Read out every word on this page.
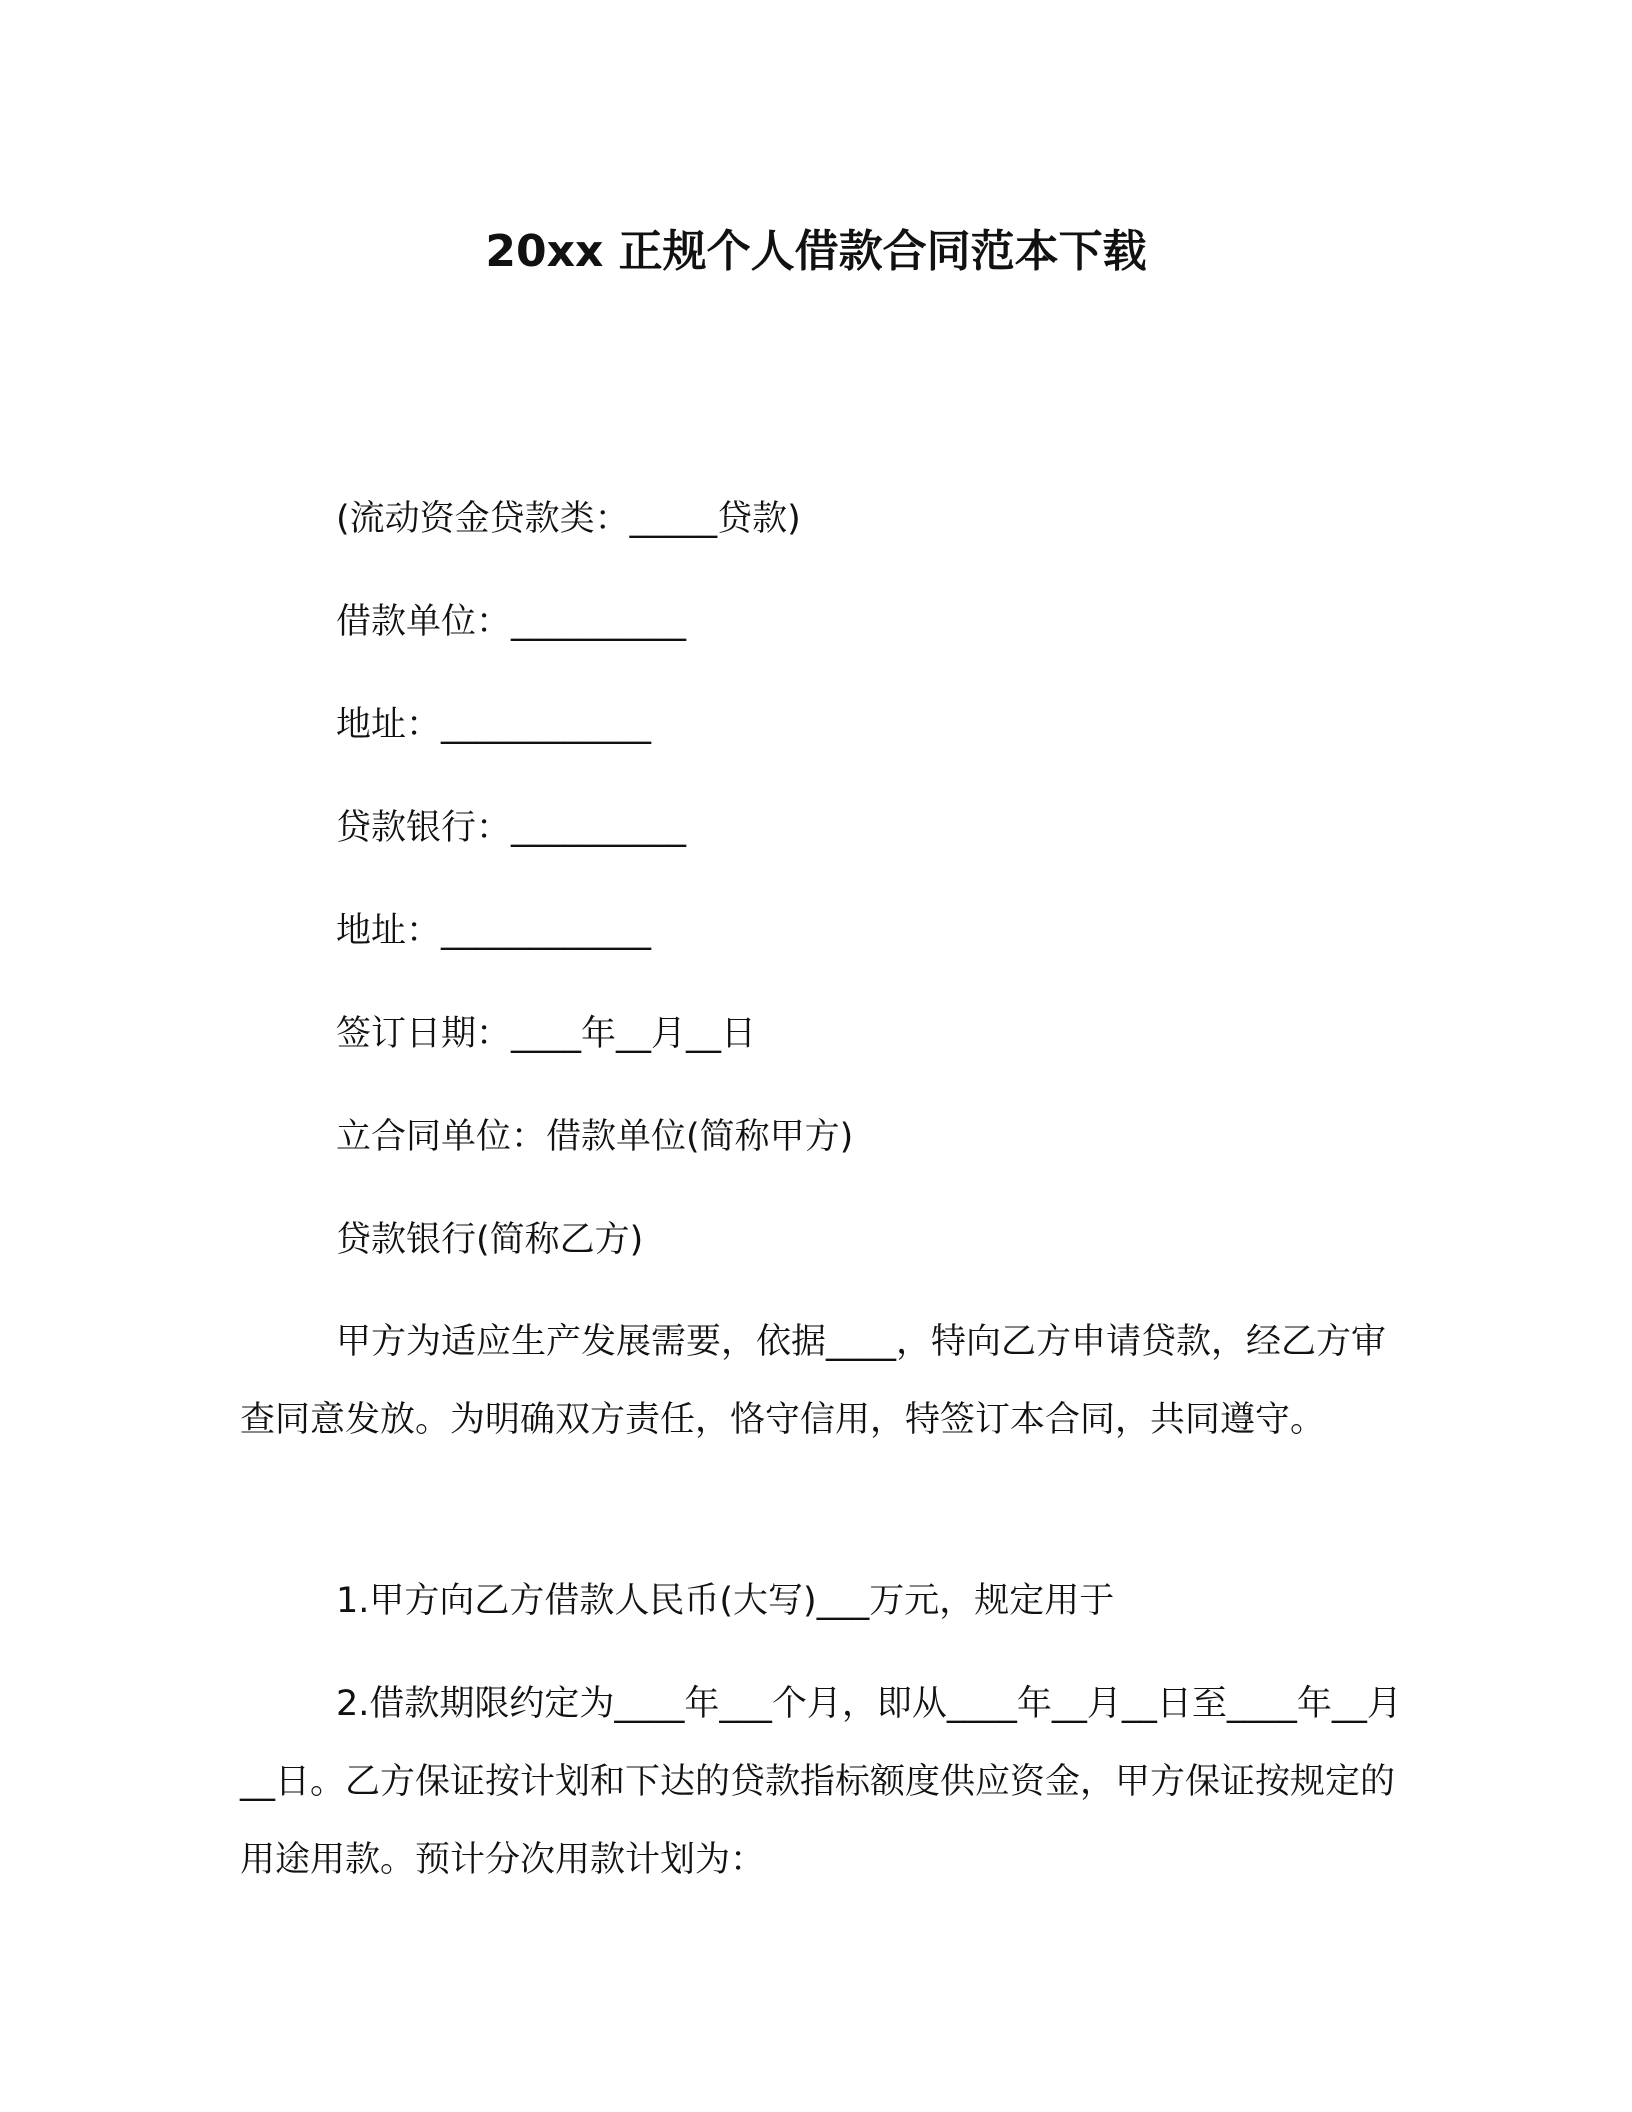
20xx 正规个人借款合同范本下载
(流动资金贷款类：_____贷款)
借款单位：__________
地址：____________
贷款银行：__________
地址：____________
签订日期：____年__月__日
立合同单位：借款单位(简称甲方)
贷款银行(简称乙方)

甲方为适应生产发展需要，依据____，特向乙方申请贷款，经乙方审查同意发放。为明确双方责任，恪守信用，特签订本合同，共同遵守。

1.甲方向乙方借款人民币(大写)___万元，规定用于

2.借款期限约定为____年___个月，即从____年__月__日至____年__月__日。乙方保证按计划和下达的贷款指标额度供应资金，甲方保证按规定的用途用款。预计分次用款计划为：
